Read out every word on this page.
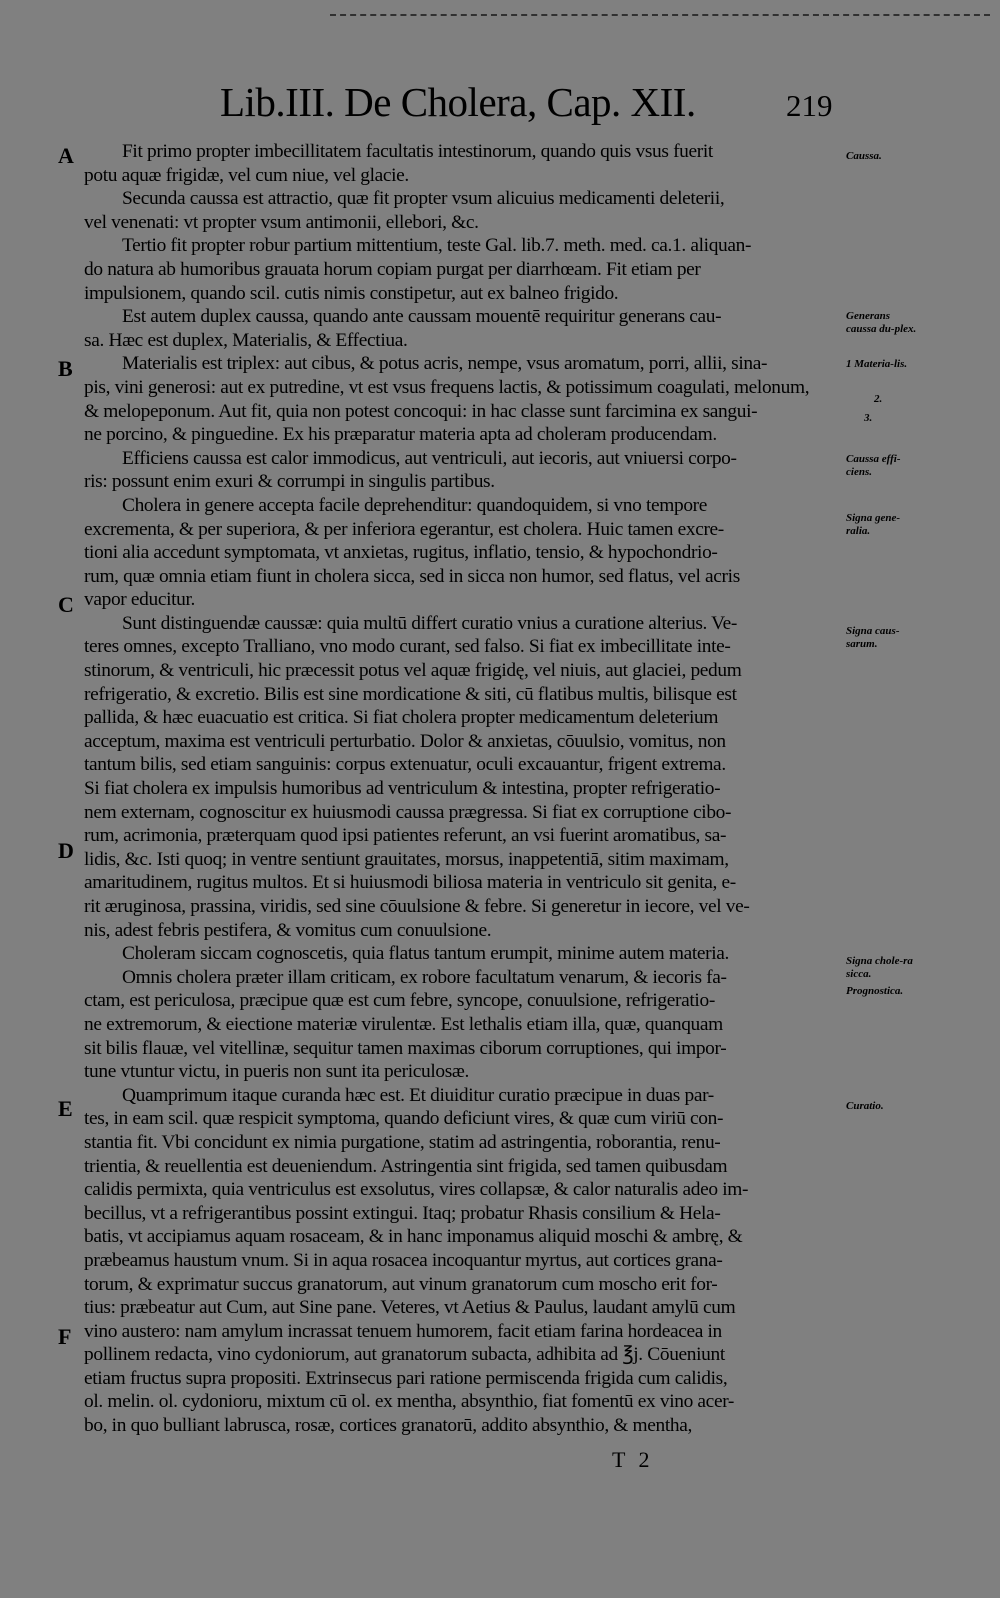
Lib.III. De Cholera, Cap. XII.	219
A
B
C
D
E
F
Fit primo propter imbecillitatem facultatis intestinorum, quando quis vsus fuerit
potu aquæ frigidæ, vel cum niue, vel glacie.
Secunda caussa est attractio, quæ fit propter vsum alicuius medicamenti deleterii,
vel venenati: vt propter vsum antimonii, ellebori, &c.
Tertio fit propter robur partium mittentium, teste Gal. lib.7. meth. med. ca.1. aliquan-
do natura ab humoribus grauata horum copiam purgat per diarrhœam. Fit etiam per
impulsionem, quando scil. cutis nimis constipetur, aut ex balneo frigido.
Est autem duplex caussa, quando ante caussam mouentē requiritur generans cau-
sa. Hæc est duplex, Materialis, & Effectiua.
Materialis est triplex: aut cibus, & potus acris, nempe, vsus aromatum, porri, allii, sina-
pis, vini generosi: aut ex putredine, vt est vsus frequens lactis, & potissimum coagulati, melonum,
& melopeponum. Aut fit, quia non potest concoqui: in hac classe sunt farcimina ex sangui-
ne porcino, & pinguedine. Ex his præparatur materia apta ad choleram producendam.
Efficiens caussa est calor immodicus, aut ventriculi, aut iecoris, aut vniuersi corpo-
ris: possunt enim exuri & corrumpi in singulis partibus.
Cholera in genere accepta facile deprehenditur: quandoquidem, si vno tempore
excrementa, & per superiora, & per inferiora egerantur, est cholera. Huic tamen excre-
tioni alia accedunt symptomata, vt anxietas, rugitus, inflatio, tensio, & hypochondrio-
rum, quæ omnia etiam fiunt in cholera sicca, sed in sicca non humor, sed flatus, vel acris
vapor educitur.
Sunt distinguendæ caussæ: quia multū differt curatio vnius a curatione alterius. Ve-
teres omnes, excepto Tralliano, vno modo curant, sed falso. Si fiat ex imbecillitate inte-
stinorum, & ventriculi, hic præcessit potus vel aquæ frigidę, vel niuis, aut glaciei, pedum
refrigeratio, & excretio. Bilis est sine mordicatione & siti, cū flatibus multis, bilisque est
pallida, & hæc euacuatio est critica. Si fiat cholera propter medicamentum deleterium
acceptum, maxima est ventriculi perturbatio. Dolor & anxietas, cōuulsio, vomitus, non
tantum bilis, sed etiam sanguinis: corpus extenuatur, oculi excauantur, frigent extrema.
Si fiat cholera ex impulsis humoribus ad ventriculum & intestina, propter refrigeratio-
nem externam, cognoscitur ex huiusmodi caussa prægressa. Si fiat ex corruptione cibo-
rum, acrimonia, præterquam quod ipsi patientes referunt, an vsi fuerint aromatibus, sa-
lidis, &c. Isti quoq; in ventre sentiunt grauitates, morsus, inappetentiā, sitim maximam,
amaritudinem, rugitus multos. Et si huiusmodi biliosa materia in ventriculo sit genita, e-
rit æruginosa, prassina, viridis, sed sine cōuulsione & febre. Si generetur in iecore, vel ve-
nis, adest febris pestifera, & vomitus cum conuulsione.
Choleram siccam cognoscetis, quia flatus tantum erumpit, minime autem materia.
Omnis cholera præter illam criticam, ex robore facultatum venarum, & iecoris fa-
ctam, est periculosa, præcipue quæ est cum febre, syncope, conuulsione, refrigeratio-
ne extremorum, & eiectione materiæ virulentæ. Est lethalis etiam illa, quæ, quanquam
sit bilis flauæ, vel vitellinæ, sequitur tamen maximas ciborum corruptiones, qui impor-
tune vtuntur victu, in pueris non sunt ita periculosæ.
Quamprimum itaque curanda hæc est. Et diuiditur curatio præcipue in duas par-
tes, in eam scil. quæ respicit symptoma, quando deficiunt vires, & quæ cum viriū con-
stantia fit. Vbi concidunt ex nimia purgatione, statim ad astringentia, roborantia, renu-
trientia, & reuellentia est deueniendum. Astringentia sint frigida, sed tamen quibusdam
calidis permixta, quia ventriculus est exsolutus, vires collapsæ, & calor naturalis adeo im-
becillus, vt a refrigerantibus possint extingui. Itaq; probatur Rhasis consilium & Hela-
batis, vt accipiamus aquam rosaceam, & in hanc imponamus aliquid moschi & ambrę, &
præbeamus haustum vnum. Si in aqua rosacea incoquantur myrtus, aut cortices grana-
torum, & exprimatur succus granatorum, aut vinum granatorum cum moscho erit for-
tius: præbeatur aut Cum, aut Sine pane. Veteres, vt Aetius & Paulus, laudant amylū cum
vino austero: nam amylum incrassat tenuem humorem, facit etiam farina hordeacea in
pollinem redacta, vino cydoniorum, aut granatorum subacta, adhibita ad ℥j. Cōueniunt
etiam fructus supra propositi. Extrinsecus pari ratione permiscenda frigida cum calidis,
ol. melin. ol. cydonioru, mixtum cū ol. ex mentha, absynthio, fiat fomentū ex vino acer-
bo, in quo bulliant labrusca, rosæ, cortices granatorū, addito absynthio, & mentha,
Caussa.
Generans caussa du-plex.
1 Materia-lis.
2.
3.
Caussa effi-ciens.
Signa gene-ralia.
Signa caus-sarum.
Signa chole-ra sicca.
Prognostica.
Curatio.
T 2
